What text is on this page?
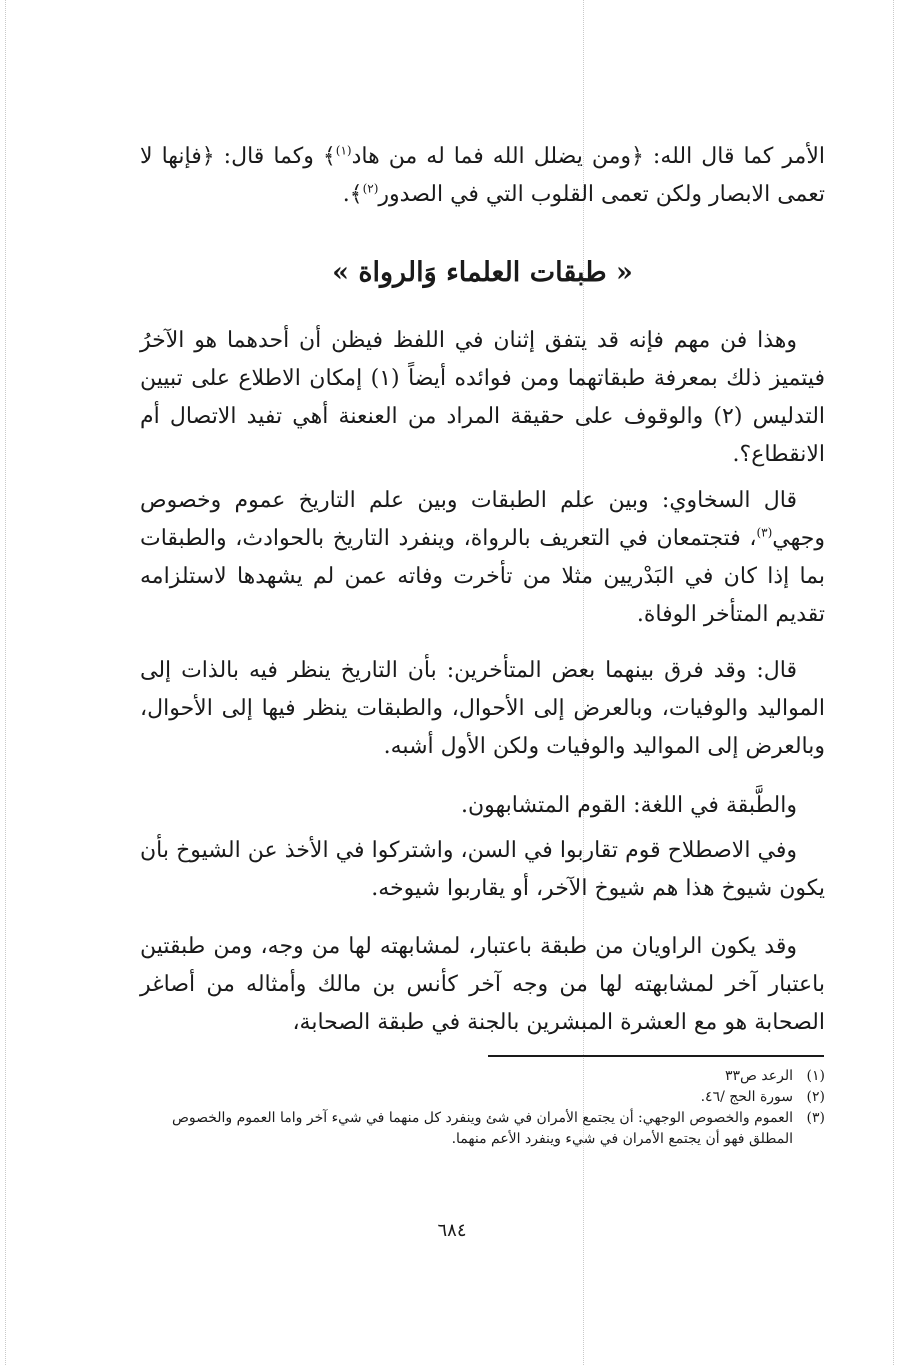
الأمر كما قال الله: ﴿ومن يضلل الله فما له من هاد$^{(١)}$﴾ وكما قال: ﴿فإنها لا تعمى الابصار ولكن تعمى القلوب التي في الصدور$^{(٢)}$﴾.

« طبقات العلماء وَالرواة »

وهذا فن مهم فإنه قد يتفق إثنان في اللفظ فيظن أن أحدهما هو الآخرُ فيتميز ذلك بمعرفة طبقاتهما ومن فوائده أيضاً (١) إمكان الاطلاع على تبيين التدليس (٢) والوقوف على حقيقة المراد من العنعنة أهي تفيد الاتصال أم الانقطاع؟.

قال السخاوي: وبين علم الطبقات وبين علم التاريخ عموم وخصوص وجهي$^{(٣)}$، فتجتمعان في التعريف بالرواة، وينفرد التاريخ بالحوادث، والطبقات بما إذا كان في البَدْريين مثلا من تأخرت وفاته عمن لم يشهدها لاستلزامه تقديم المتأخر الوفاة.

قال: وقد فرق بينهما بعض المتأخرين: بأن التاريخ ينظر فيه بالذات إلى المواليد والوفيات، وبالعرض إلى الأحوال، والطبقات ينظر فيها إلى الأحوال، وبالعرض إلى المواليد والوفيات ولكن الأول أشبه.

والطَّبقة في اللغة: القوم المتشابهون.

وفي الاصطلاح قوم تقاربوا في السن، واشتركوا في الأخذ عن الشيوخ بأن يكون شيوخ هذا هم شيوخ الآخر، أو يقاربوا شيوخه.

وقد يكون الراويان من طبقة باعتبار، لمشابهته لها من وجه، ومن طبقتين باعتبار آخر لمشابهته لها من وجه آخر كأنس بن مالك وأمثاله من أصاغر الصحابة هو مع العشرة المبشرين بالجنة في طبقة الصحابة،

(١)
الرعد ص٣٣

(٢)
سورة الحج /٤٦.

(٣)
العموم والخصوص الوجهي: أن يجتمع الأمران في شئ وينفرد كل منهما في شيء آخر واما العموم والخصوص المطلق فهو أن يجتمع الأمران في شيء وينفرد الأعم منهما.

٦٨٤
